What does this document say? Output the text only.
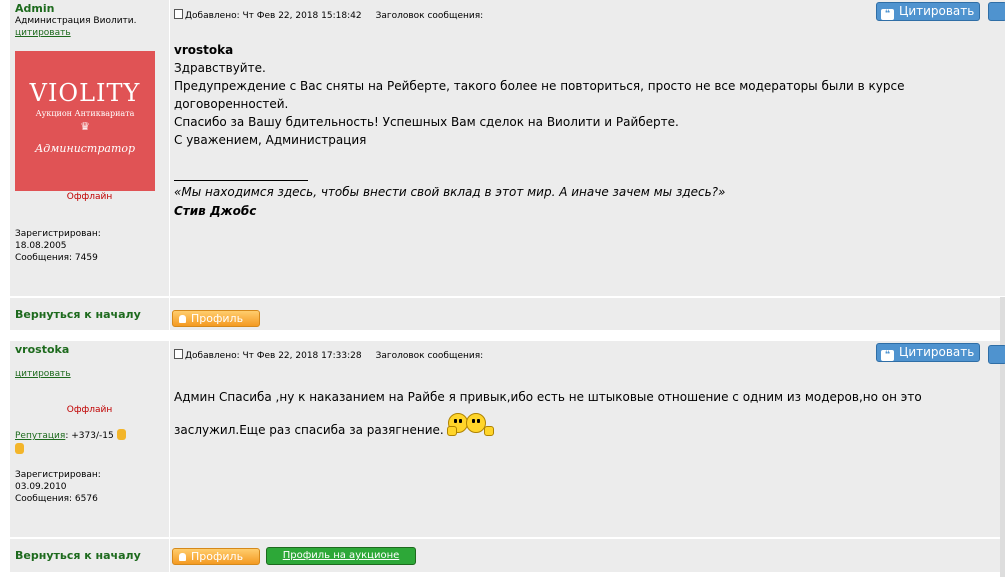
Admin
Администрация Виолити.
цитировать
VIOLITY
Аукцион Антиквариата
♛
Администратор
Оффлайн
Зарегистрирован:
18.08.2005
Сообщения: 7459
Добавлено: Чт Фев 22, 2018 15:18:42 Заголовок сообщения:	❝ Цитировать
vrostoka
Здравствуйте.
Предупреждение с Вас сняты на Рейберте, такого более не повториться, просто не все модераторы были в курсе
договоренностей.
Спасибо за Вашу бдительность! Успешных Вам сделок на Виолити и Райберте.
С уважением, Администрация
«Мы находимся здесь, чтобы внести свой вклад в этот мир. А иначе зачем мы здесь?»
Стив Джобс
Вернуться к началу	Профиль
vrostoka
цитировать
Оффлайн
Репутация: +373/-15
Зарегистрирован:
03.09.2010
Сообщения: 6576
Добавлено: Чт Фев 22, 2018 17:33:28 Заголовок сообщения:	❝ Цитировать
Админ Спасиба ,ну к наказанием на Райбе я привык,ибо есть не штыковые отношение с одним из модеров,но он это
заслужил.Еще раз спасиба за разягнение.
Вернуться к началу	Профиль	Профиль на аукционе
